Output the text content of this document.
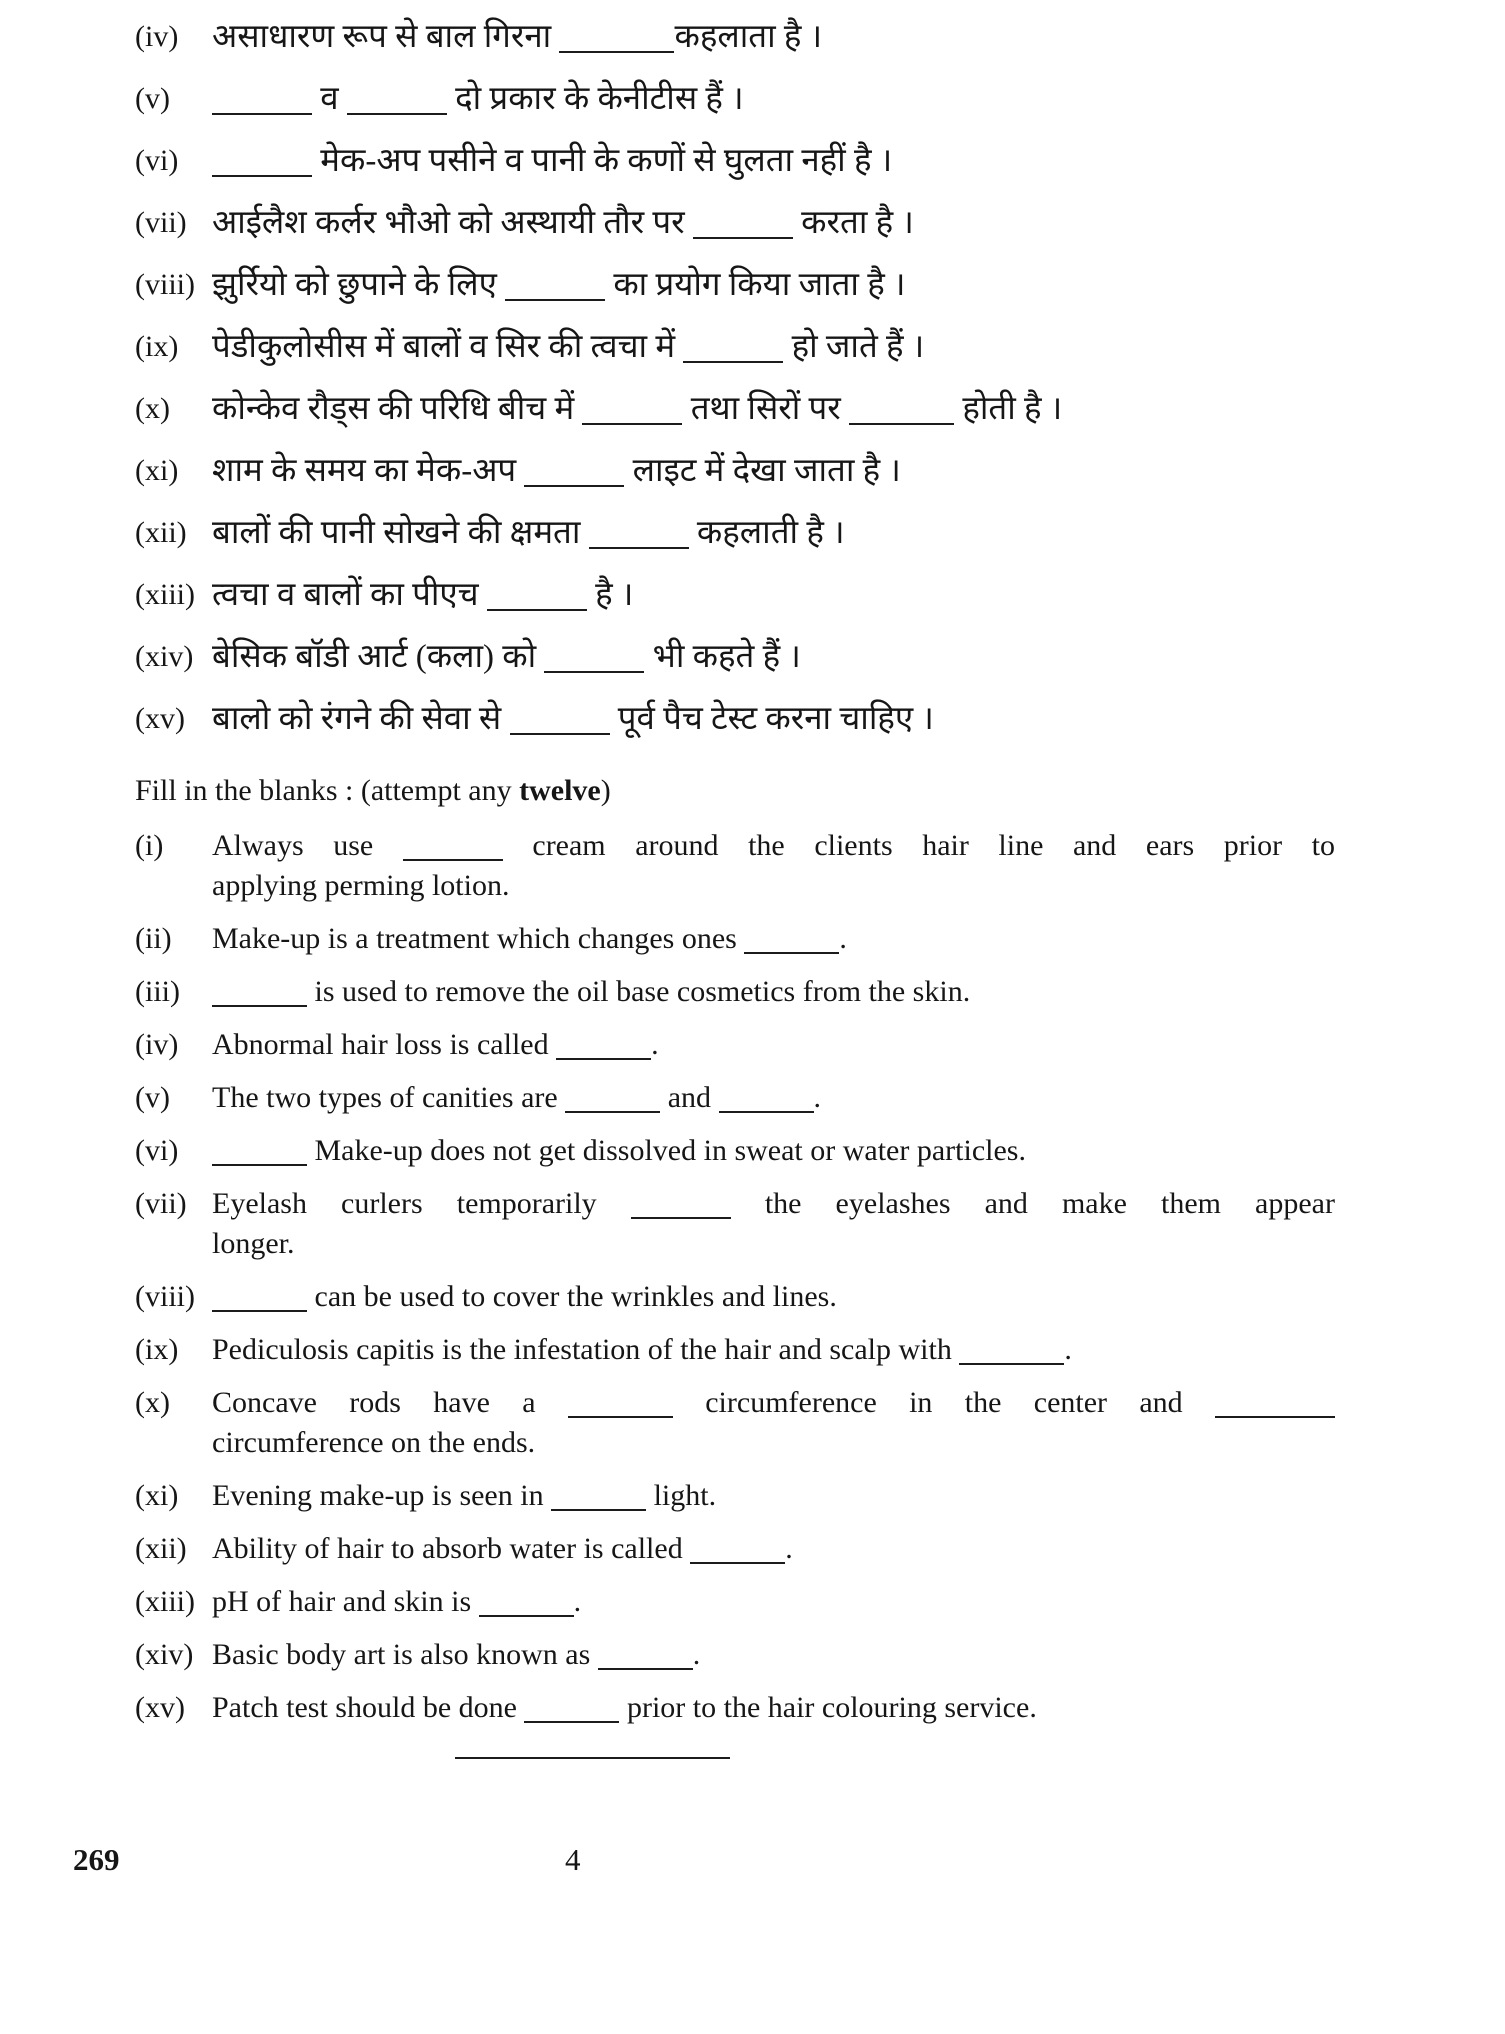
(iv)	असाधारण रूप से बाल गिरना	कहलाता है ।
(v)	व	दो प्रकार के केनीटीस हैं ।
(vi)	मेक-अप पसीने व पानी के कणों से घुलता नहीं है ।
(vii) आईलैश कर्लर भौओ को अस्थायी तौर पर	करता है ।
(viii) झुर्रियो को छुपाने के लिए	का प्रयोग किया जाता है ।
(ix)	पेडीकुलोसीस में बालों व सिर की त्वचा में	हो जाते हैं ।
(x)	कोन्केव रौड्स की परिधि बीच में	तथा सिरों पर	होती है ।
(xi)	शाम के समय का मेक-अप	लाइट में देखा जाता है ।
(xii) बालों की पानी सोखने की क्षमता	कहलाती है ।
(xiii) त्वचा व बालों का पीएच	है ।
(xiv) बेसिक बॉडी आर्ट (कला) को	भी कहते हैं ।
(xv) बालो को रंगने की सेवा से	पूर्व पैच टेस्ट करना चाहिए ।
Fill in the blanks : (attempt any twelve)
(i)	Always use	cream around the clients hair line and ears prior to
applying perming lotion.
(ii)	Make-up is a treatment which changes ones	.
(iii)	is used to remove the oil base cosmetics from the skin.
(iv)	Abnormal hair loss is called	.
(v)	The two types of canities are	and	.
(vi)	Make-up does not get dissolved in sweat or water particles.
(vii) Eyelash curlers temporarily	the eyelashes and make them appear
longer.
(viii)	can be used to cover the wrinkles and lines.
(ix)	Pediculosis capitis is the infestation of the hair and scalp with	.
(x)	Concave rods have a	circumference in the center and
circumference on the ends.
(xi)	Evening make-up is seen in	light.
(xii) Ability of hair to absorb water is called	.
(xiii) pH of hair and skin is	.
(xiv) Basic body art is also known as	.
(xv) Patch test should be done	prior to the hair colouring service.
269	4
